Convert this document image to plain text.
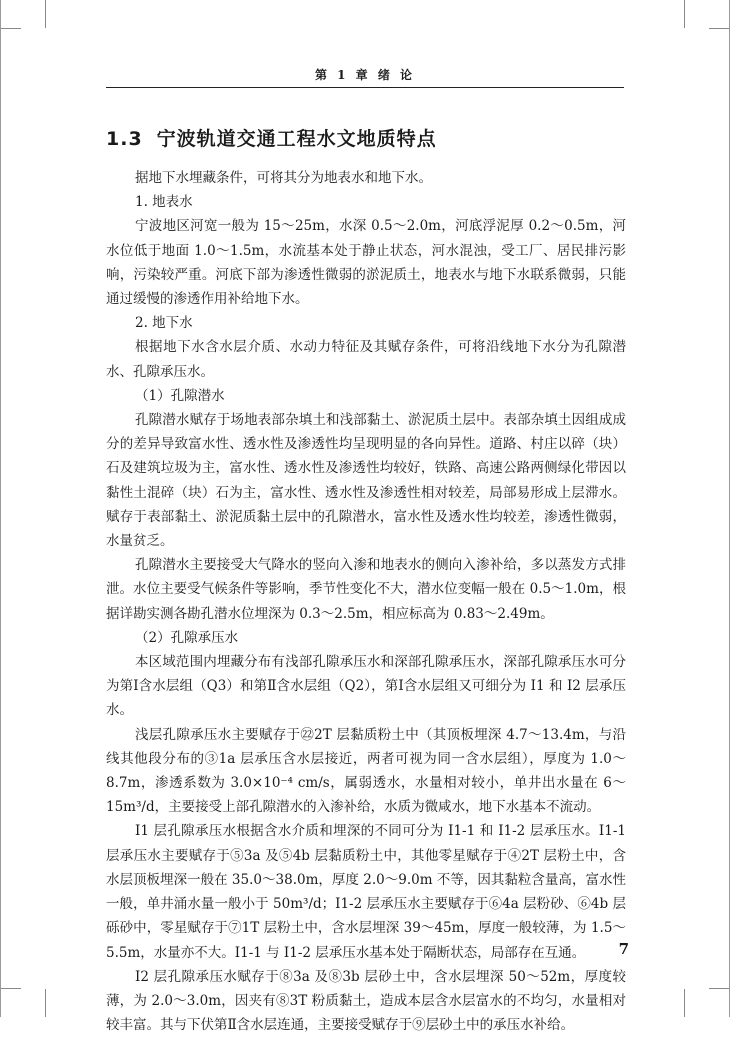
第 1 章 绪 论
1.3 宁波轨道交通工程水文地质特点

据地下水埋藏条件，可将其分为地表水和地下水。

1. 地表水

宁波地区河宽一般为 15～25m，水深 0.5～2.0m，河底浮泥厚 0.2～0.5m，河水位低于地面 1.0～1.5m，水流基本处于静止状态，河水混浊，受工厂、居民排污影响，污染较严重。河底下部为渗透性微弱的淤泥质土，地表水与地下水联系微弱，只能通过缓慢的渗透作用补给地下水。

2. 地下水

根据地下水含水层介质、水动力特征及其赋存条件，可将沿线地下水分为孔隙潜水、孔隙承压水。

（1）孔隙潜水

孔隙潜水赋存于场地表部杂填土和浅部黏土、淤泥质土层中。表部杂填土因组成成分的差异导致富水性、透水性及渗透性均呈现明显的各向异性。道路、村庄以碎（块）石及建筑垃圾为主，富水性、透水性及渗透性均较好，铁路、高速公路两侧绿化带因以黏性土混碎（块）石为主，富水性、透水性及渗透性相对较差，局部易形成上层滞水。赋存于表部黏土、淤泥质黏土层中的孔隙潜水，富水性及透水性均较差，渗透性微弱，水量贫乏。

孔隙潜水主要接受大气降水的竖向入渗和地表水的侧向入渗补给，多以蒸发方式排泄。水位主要受气候条件等影响，季节性变化不大，潜水位变幅一般在 0.5～1.0m，根据详勘实测各勘孔潜水位埋深为 0.3～2.5m，相应标高为 0.83～2.49m。

（2）孔隙承压水

本区域范围内埋藏分布有浅部孔隙承压水和深部孔隙承压水，深部孔隙承压水可分为第Ⅰ含水层组（Q3）和第Ⅱ含水层组（Q2），第Ⅰ含水层组又可细分为 I1 和 I2 层承压水。

浅层孔隙承压水主要赋存于㉒2T 层黏质粉土中（其顶板埋深 4.7～13.4m，与沿线其他段分布的③1a 层承压含水层接近，两者可视为同一含水层组），厚度为 1.0～8.7m，渗透系数为 3.0×10⁻⁴ cm/s，属弱透水，水量相对较小，单井出水量在 6～15m³/d，主要接受上部孔隙潜水的入渗补给，水质为微咸水，地下水基本不流动。

I1 层孔隙承压水根据含水介质和埋深的不同可分为 I1-1 和 I1-2 层承压水。I1-1 层承压水主要赋存于⑤3a 及⑤4b 层黏质粉土中，其他零星赋存于④2T 层粉土中，含水层顶板埋深一般在 35.0～38.0m，厚度 2.0～9.0m 不等，因其黏粒含量高，富水性一般，单井涌水量一般小于 50m³/d；I1-2 层承压水主要赋存于⑥4a 层粉砂、⑥4b 层砾砂中，零星赋存于⑦1T 层粉土中，含水层埋深 39～45m，厚度一般较薄，为 1.5～5.5m，水量亦不大。I1-1 与 I1-2 层承压水基本处于隔断状态，局部存在互通。

I2 层孔隙承压水赋存于⑧3a 及⑧3b 层砂土中，含水层埋深 50～52m，厚度较薄，为 2.0～3.0m，因夹有⑧3T 粉质黏土，造成本层含水层富水的不均匀，水量相对较丰富。其与下伏第Ⅱ含水层连通，主要接受赋存于⑨层砂土中的承压水补给。

7
